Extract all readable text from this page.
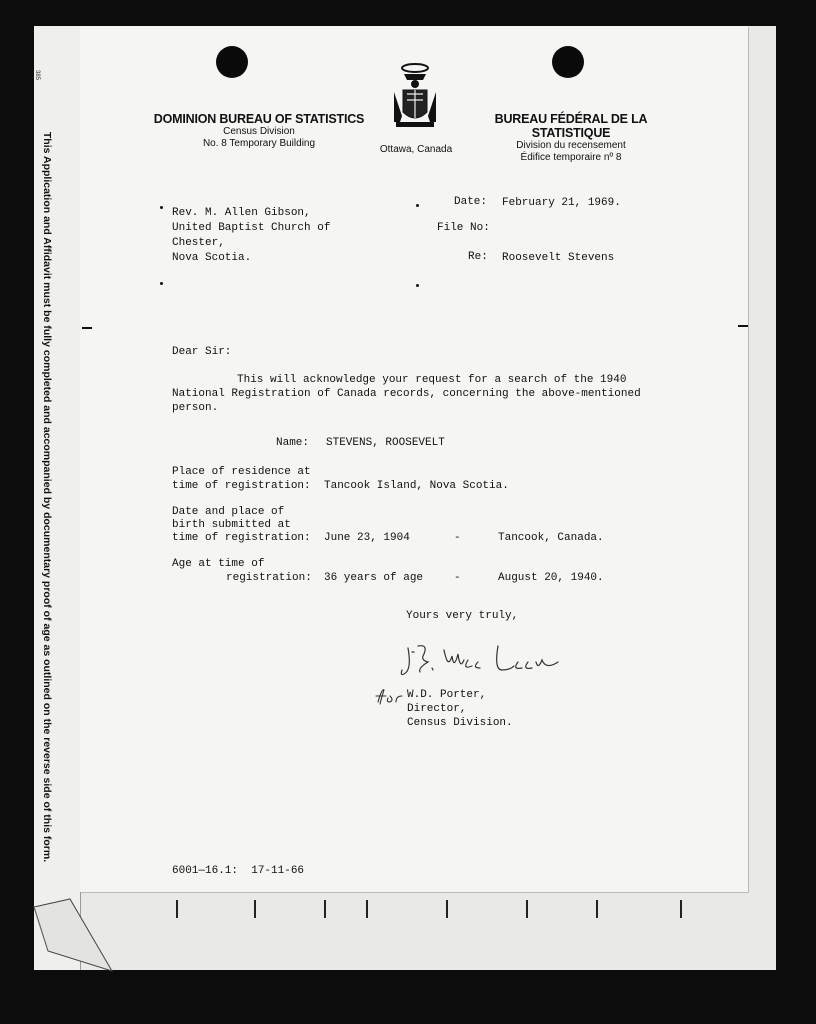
This Application and Affidavit must be fully completed and accompanied by documentary proof of age as outlined on the reverse side of this form.
385
DOMINION BUREAU OF STATISTICS
Census Division
No. 8 Temporary Building
Ottawa, Canada
BUREAU FÉDÉRAL DE LA STATISTIQUE
Division du recensement
Édifice temporaire nº 8
Rev. M. Allen Gibson,
United Baptist Church of
Chester,
Nova Scotia.
Date: February 21, 1969.
File No:
Re: Roosevelt Stevens
Dear Sir:
This will acknowledge your request for a search of the 1940
National Registration of Canada records, concerning the above-mentioned
person.
Name: STEVENS, ROOSEVELT
Place of residence at
time of registration: Tancook Island, Nova Scotia.
Date and place of
birth submitted at
time of registration: June 23, 1904	-	Tancook, Canada.
Age at time of
registration: 36 years of age	-	August 20, 1940.
Yours very truly,
W.D. Porter,
Director,
Census Division.
6001—16.1:  17-11-66
